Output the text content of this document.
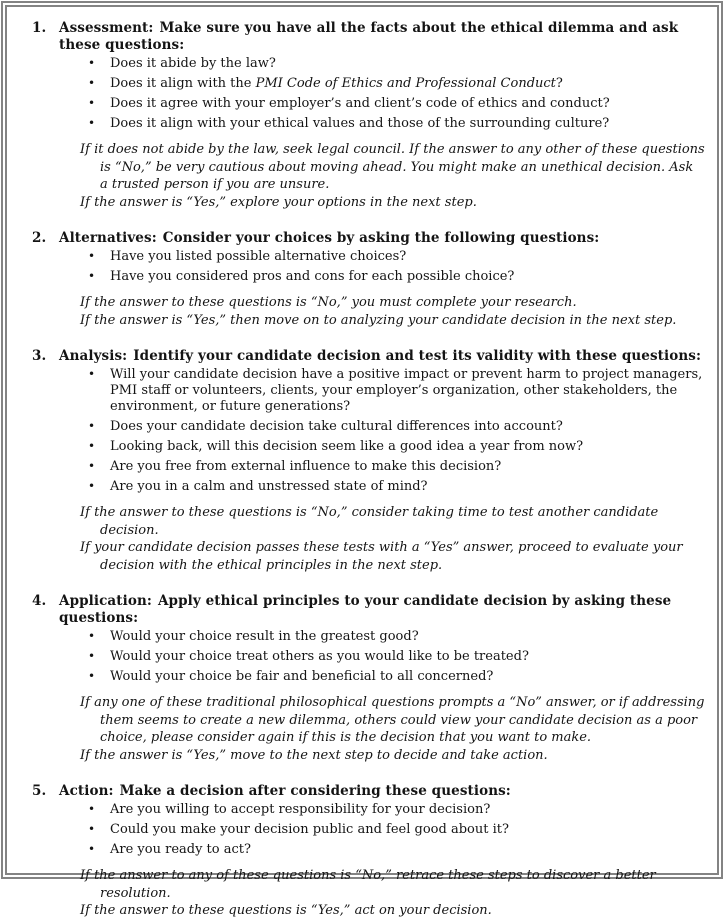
1. Assessment: Make sure you have all the facts about the ethical dilemma and ask these questions:
• Does it abide by the law?
• Does it align with the PMI Code of Ethics and Professional Conduct?
• Does it agree with your employer’s and client’s code of ethics and conduct?
• Does it align with your ethical values and those of the surrounding culture?

If it does not abide by the law, seek legal council. If the answer to any other of these questions is “No,” be very cautious about moving ahead. You might make an unethical decision. Ask a trusted person if you are unsure.

If the answer is “Yes,” explore your options in the next step.

2. Alternatives: Consider your choices by asking the following questions:
• Have you listed possible alternative choices?
• Have you considered pros and cons for each possible choice?

If the answer to these questions is “No,” you must complete your research.

If the answer is “Yes,” then move on to analyzing your candidate decision in the next step.

3. Analysis: Identify your candidate decision and test its validity with these questions:
• Will your candidate decision have a positive impact or prevent harm to project managers, PMI staff or volunteers, clients, your employer’s organization, other stakeholders, the environment, or future generations?
• Does your candidate decision take cultural differences into account?
• Looking back, will this decision seem like a good idea a year from now?
• Are you free from external influence to make this decision?
• Are you in a calm and unstressed state of mind?

If the answer to these questions is “No,” consider taking time to test another candidate decision.

If your candidate decision passes these tests with a “Yes” answer, proceed to evaluate your decision with the ethical principles in the next step.

4. Application: Apply ethical principles to your candidate decision by asking these questions:
• Would your choice result in the greatest good?
• Would your choice treat others as you would like to be treated?
• Would your choice be fair and beneficial to all concerned?

If any one of these traditional philosophical questions prompts a “No” answer, or if addressing them seems to create a new dilemma, others could view your candidate decision as a poor choice, please consider again if this is the decision that you want to make.

If the answer is “Yes,” move to the next step to decide and take action.

5. Action: Make a decision after considering these questions:
• Are you willing to accept responsibility for your decision?
• Could you make your decision public and feel good about it?
• Are you ready to act?

If the answer to any of these questions is “No,” retrace these steps to discover a better resolution.

If the answer to these questions is “Yes,” act on your decision.
